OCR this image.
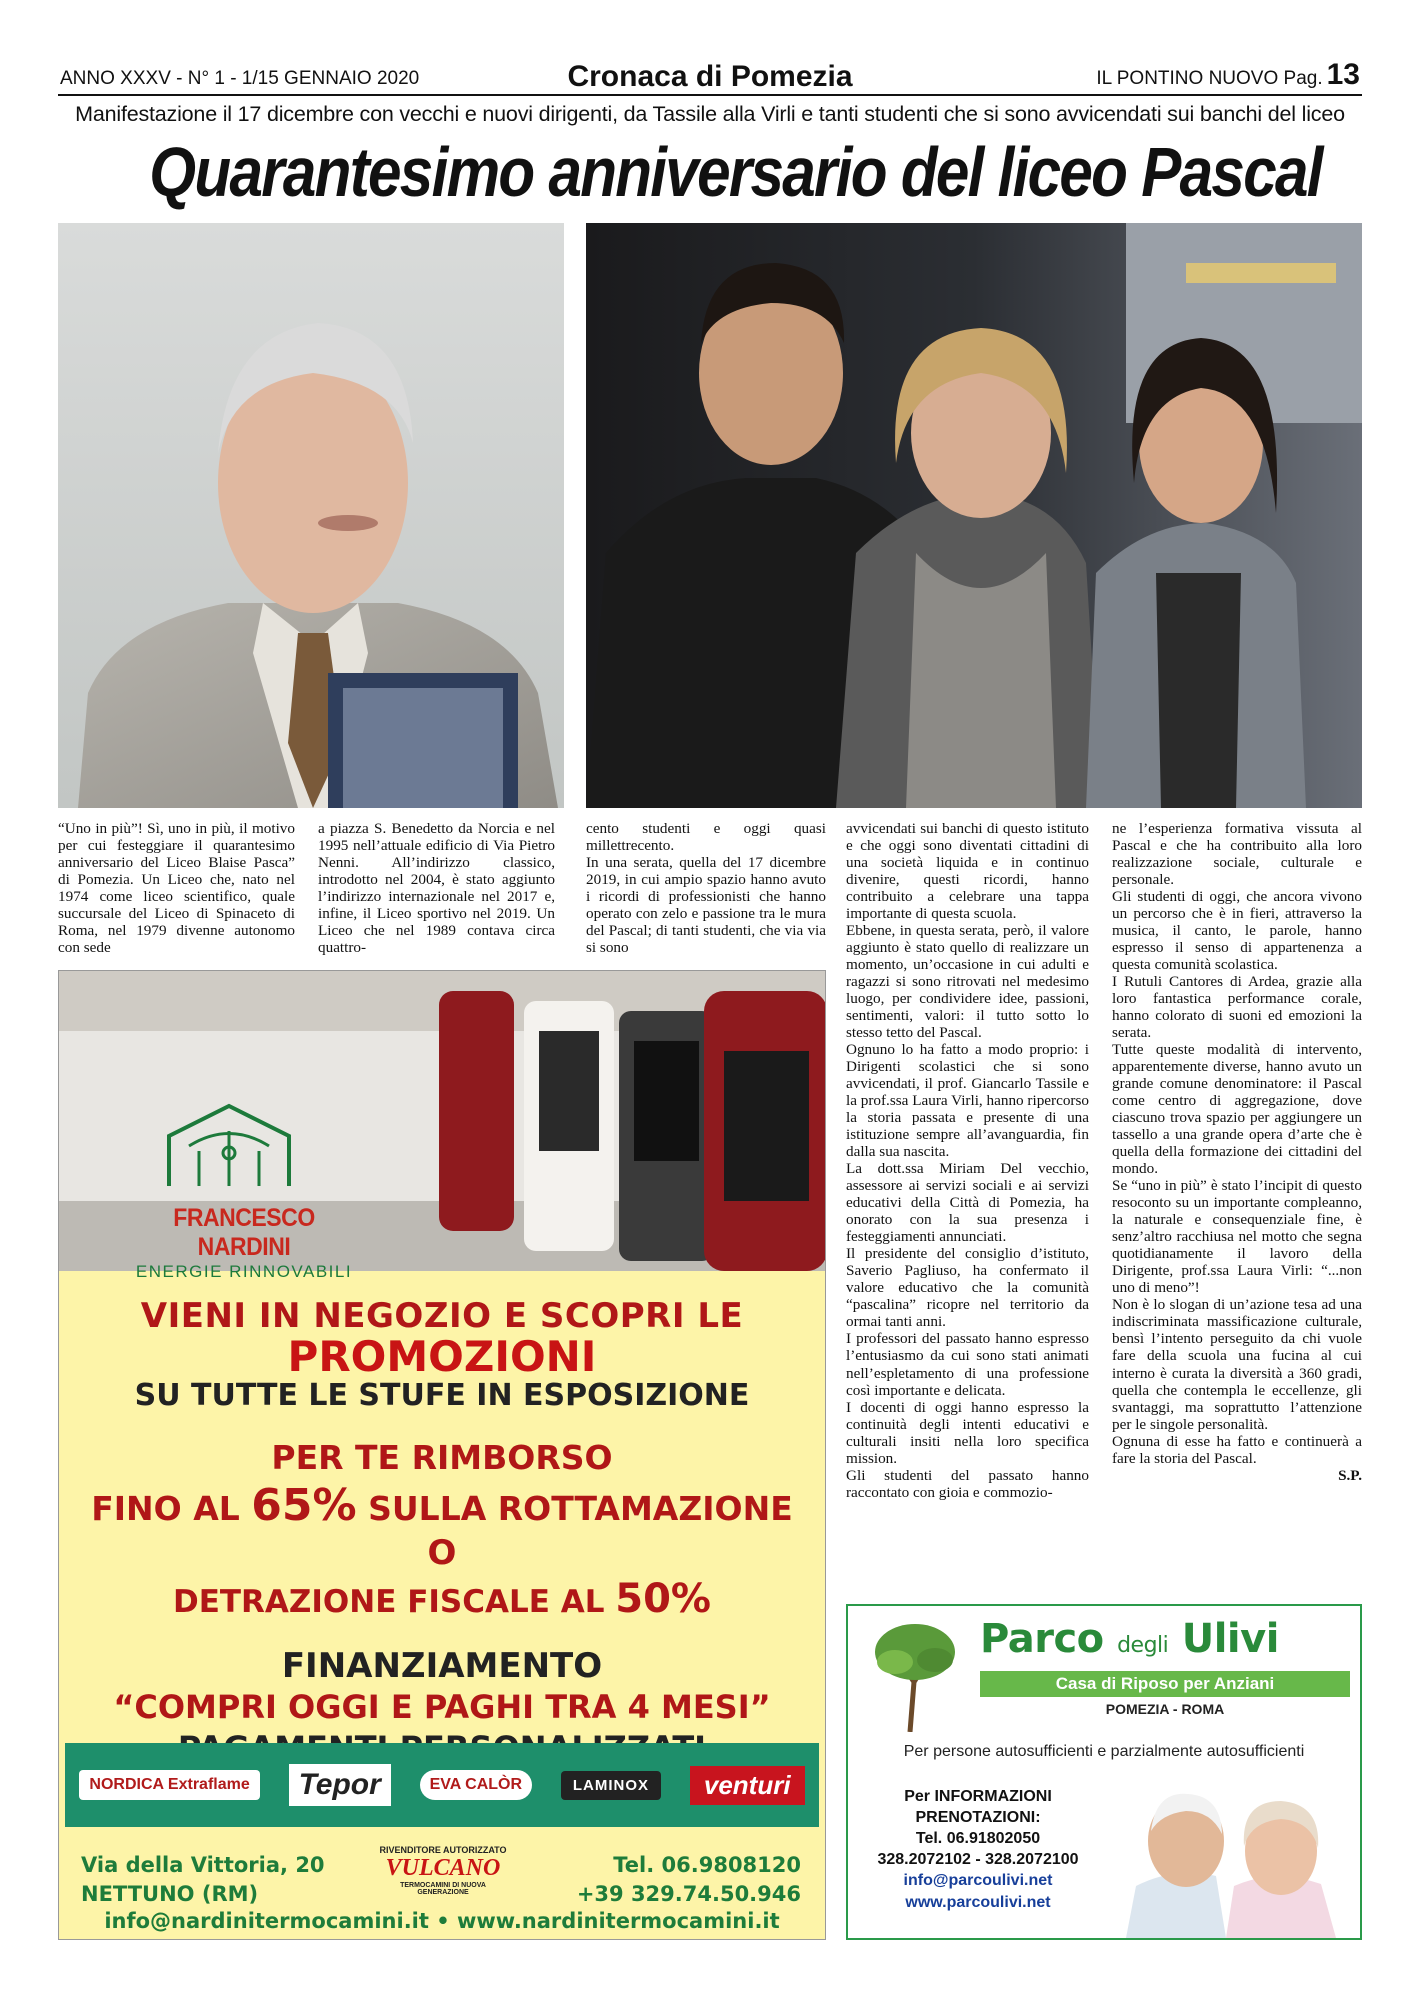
ANNO XXXV - N° 1 - 1/15 GENNAIO 2020	Cronaca di Pomezia	IL PONTINO NUOVO Pag. 13
Manifestazione il 17 dicembre con vecchi e nuovi dirigenti, da Tassile alla Virli e tanti studenti che si sono avvicendati sui banchi del liceo
Quarantesimo anniversario del liceo Pascal

“Uno in più”! Sì, uno in più, il motivo per cui festeggiare il quarantesimo anniversario del Liceo Blaise Pasca” di Pomezia. Un Liceo che, nato nel 1974 come liceo scientifico, quale succursale del Liceo di Spinaceto di Roma, nel 1979 divenne autonomo con sede

a piazza S. Benedetto da Norcia e nel 1995 nell’attuale edificio di Via Pietro Nenni. All’indirizzo classico, introdotto nel 2004, è stato aggiunto l’indirizzo internazionale nel 2017 e, infine, il Liceo sportivo nel 2019. Un Liceo che nel 1989 contava circa quattro-

cento studenti e oggi quasi millettrecento.

In una serata, quella del 17 dicembre 2019, in cui ampio spazio hanno avuto i ricordi di professionisti che hanno operato con zelo e passione tra le mura del Pascal; di tanti studenti, che via via si sono

avvicendati sui banchi di questo istituto e che oggi sono diventati cittadini di una società liquida e in continuo divenire, questi ricordi, hanno contribuito a celebrare una tappa importante di questa scuola.

Ebbene, in questa serata, però, il valore aggiunto è stato quello di realizzare un momento, un’occasione in cui adulti e ragazzi si sono ritrovati nel medesimo luogo, per condividere idee, passioni, sentimenti, valori: il tutto sotto lo stesso tetto del Pascal.

Ognuno lo ha fatto a modo proprio: i Dirigenti scolastici che si sono avvicendati, il prof. Giancarlo Tassile e la prof.ssa Laura Virli, hanno ripercorso la storia passata e presente di una istituzione sempre all’avanguardia, fin dalla sua nascita.

La dott.ssa Miriam Del vecchio, assessore ai servizi sociali e ai servizi educativi della Città di Pomezia, ha onorato con la sua presenza i festeggiamenti annunciati.

Il presidente del consiglio d’istituto, Saverio Pagliuso, ha confermato il valore educativo che la comunità “pascalina” ricopre nel territorio da ormai tanti anni.

I professori del passato hanno espresso l’entusiasmo da cui sono stati animati nell’espletamento di una professione così importante e delicata.

I docenti di oggi hanno espresso la continuità degli intenti educativi e culturali insiti nella loro specifica mission.

Gli studenti del passato hanno raccontato con gioia e commozio-

ne l’esperienza formativa vissuta al Pascal e che ha contribuito alla loro realizzazione sociale, culturale e personale.

Gli studenti di oggi, che ancora vivono un percorso che è in fieri, attraverso la musica, il canto, le parole, hanno espresso il senso di appartenenza a questa comunità scolastica.

I Rutuli Cantores di Ardea, grazie alla loro fantastica performance corale, hanno colorato di suoni ed emozioni la serata.

Tutte queste modalità di intervento, apparentemente diverse, hanno avuto un grande comune denominatore: il Pascal come centro di aggregazione, dove ciascuno trova spazio per aggiungere un tassello a una grande opera d’arte che è quella della formazione dei cittadini del mondo.

Se “uno in più” è stato l’incipit di questo resoconto su un importante compleanno, la naturale e consequenziale fine, è senz’altro racchiusa nel motto che segna quotidianamente il lavoro della Dirigente, prof.ssa Laura Virli: “...non uno di meno”!

Non è lo slogan di un’azione tesa ad una indiscriminata massificazione culturale, bensì l’intento perseguito da chi vuole fare della scuola una fucina al cui interno è curata la diversità a 360 gradi, quella che contempla le eccellenze, gli svantaggi, ma soprattutto l’attenzione per le singole personalità.

Ognuna di esse ha fatto e continuerà a fare la storia del Pascal.

S.P.

FRANCESCO NARDINI
ENERGIE RINNOVABILI
VIENI IN NEGOZIO E SCOPRI LE
PROMOZIONI
SU TUTTE LE STUFE IN ESPOSIZIONE
PER TE RIMBORSO
FINO AL 65% SULLA ROTTAMAZIONE
O
DETRAZIONE FISCALE AL 50%
FINANZIAMENTO
“COMPRI OGGI E PAGHI TRA 4 MESI”
NORDICA Extraflame	Tepor	EVA CALÒR	LAMINOX	venturi
Via della Vittoria, 20
NETTUNO (RM)
RIVENDITORE AUTORIZZATO
VULCANO
TERMOCAMINI DI NUOVA GENERAZIONE
Tel. 06.9808120
+39 329.74.50.946
info@nardinitermocamini.it • www.nardinitermocamini.it
Parco degli Ulivi
Casa di Riposo per Anziani
POMEZIA - ROMA
Per persone autosufficienti e parzialmente autosufficienti
Per INFORMAZIONI
PRENOTAZIONI:
Tel. 06.91802050
328.2072102 - 328.2072100
info@parcoulivi.net
www.parcoulivi.net
